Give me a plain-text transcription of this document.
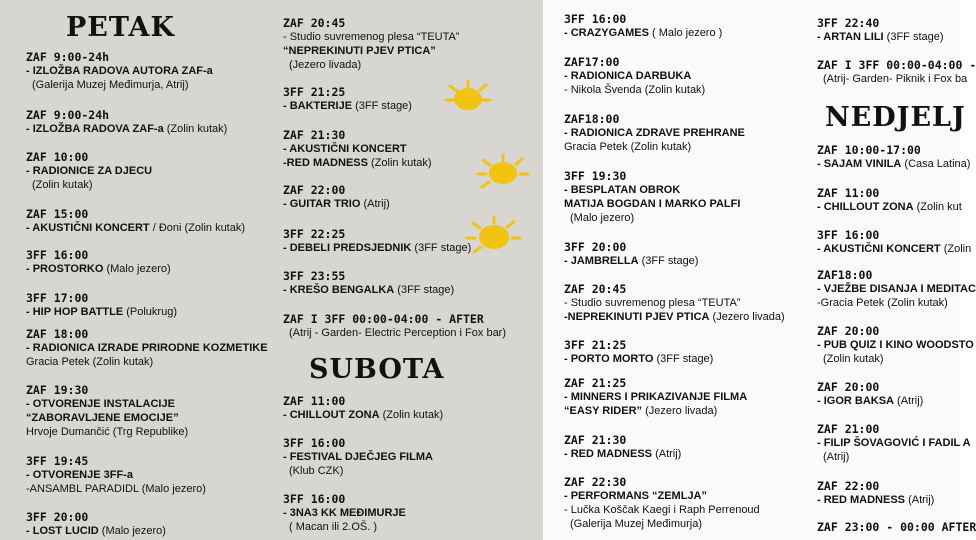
PETAK
ZAF 9:00-24h
- IZLOŽBA RADOVA AUTORA ZAF-a
(Galerija Muzej Međimurja, Atrij)
ZAF 9:00-24h
- IZLOŽBA RADOVA ZAF-a (Zolin kutak)
ZAF 10:00
- RADIONICE ZA DJECU
(Zolin kutak)
ZAF 15:00
- AKUSTIČNI KONCERT / Đoni (Zolin kutak)
3FF 16:00
- PROSTORKO (Malo jezero)
3FF 17:00
- HIP HOP BATTLE (Polukrug)
ZAF 18:00
- RADIONICA IZRADE PRIRODNE KOZMETIKE
Gracia Petek (Zolin kutak)
ZAF 19:30
- OTVORENJE INSTALACIJE
“ZABORAVLJENE EMOCIJE”
Hrvoje Dumančić (Trg Republike)
3FF 19:45
- OTVORENJE 3FF-a
-ANSAMBL PARADIDL (Malo jezero)
3FF 20:00
- LOST LUCID (Malo jezero)
ZAF 20:45
- Studio suvremenog plesa “TEUTA”
“NEPREKINUTI PJEV PTICA”
(Jezero livada)
3FF 21:25
- BAKTERIJE (3FF stage)
ZAF 21:30
- AKUSTIČNI KONCERT
-RED MADNESS (Zolin kutak)
ZAF 22:00
- GUITAR TRIO (Atrij)
3FF 22:25
- DEBELI PREDSJEDNIK (3FF stage)
3FF 23:55
- KREŠO BENGALKA (3FF stage)
ZAF I 3FF 00:00-04:00 - AFTER
(Atrij - Garden- Electric Perception i Fox bar)
SUBOTA
ZAF 11:00
- CHILLOUT ZONA (Zolin kutak)
3FF 16:00
- FESTIVAL DJEČJEG FILMA
(Klub CZK)
3FF 16:00
- 3NA3 KK MEĐIMURJE
( Macan ili 2.OŠ. )
3FF 16:00
- CRAZYGAMES ( Malo jezero )
ZAF17:00
- RADIONICA DARBUKA
- Nikola Švenda (Zolin kutak)
ZAF18:00
- RADIONICA ZDRAVE PREHRANE
Gracia Petek (Zolin kutak)
3FF 19:30
- BESPLATAN OBROK
MATIJA BOGDAN I MARKO PALFI
(Malo jezero)
3FF 20:00
- JAMBRELLA (3FF stage)
ZAF 20:45
- Studio suvremenog plesa “TEUTA”
-NEPREKINUTI PJEV PTICA (Jezero livada)
3FF 21:25
- PORTO MORTO (3FF stage)
ZAF 21:25
- MINNERS I PRIKAZIVANJE FILMA
“EASY RIDER” (Jezero livada)
ZAF 21:30
- RED MADNESS (Atrij)
ZAF 22:30
- PERFORMANS “ZEMLJA”
- Lučka Koščak Kaegi i Raph Perrenoud
(Galerija Muzej Međimurja)
3FF 22:40
- ARTAN LILI (3FF stage)
ZAF I 3FF 00:00-04:00 -
(Atrij- Garden- Piknik i Fox ba
NEDJELJ
ZAF 10:00-17:00
- SAJAM VINILA (Casa Latina)
ZAF 11:00
- CHILLOUT ZONA (Zolin kut
3FF 16:00
- AKUSTIČNI KONCERT (Zolin
ZAF18:00
- VJEŽBE DISANJA I MEDITAC
-Gracia Petek (Zolin kutak)
ZAF 20:00
- PUB QUIZ I KINO WOODSTO
(Zolin kutak)
ZAF 20:00
- IGOR BAKSA (Atrij)
ZAF 21:00
- FILIP ŠOVAGOVIĆ I FADIL A
(Atrij)
ZAF 22:00
- RED MADNESS (Atrij)
ZAF 23:00 - 00:00 AFTER
